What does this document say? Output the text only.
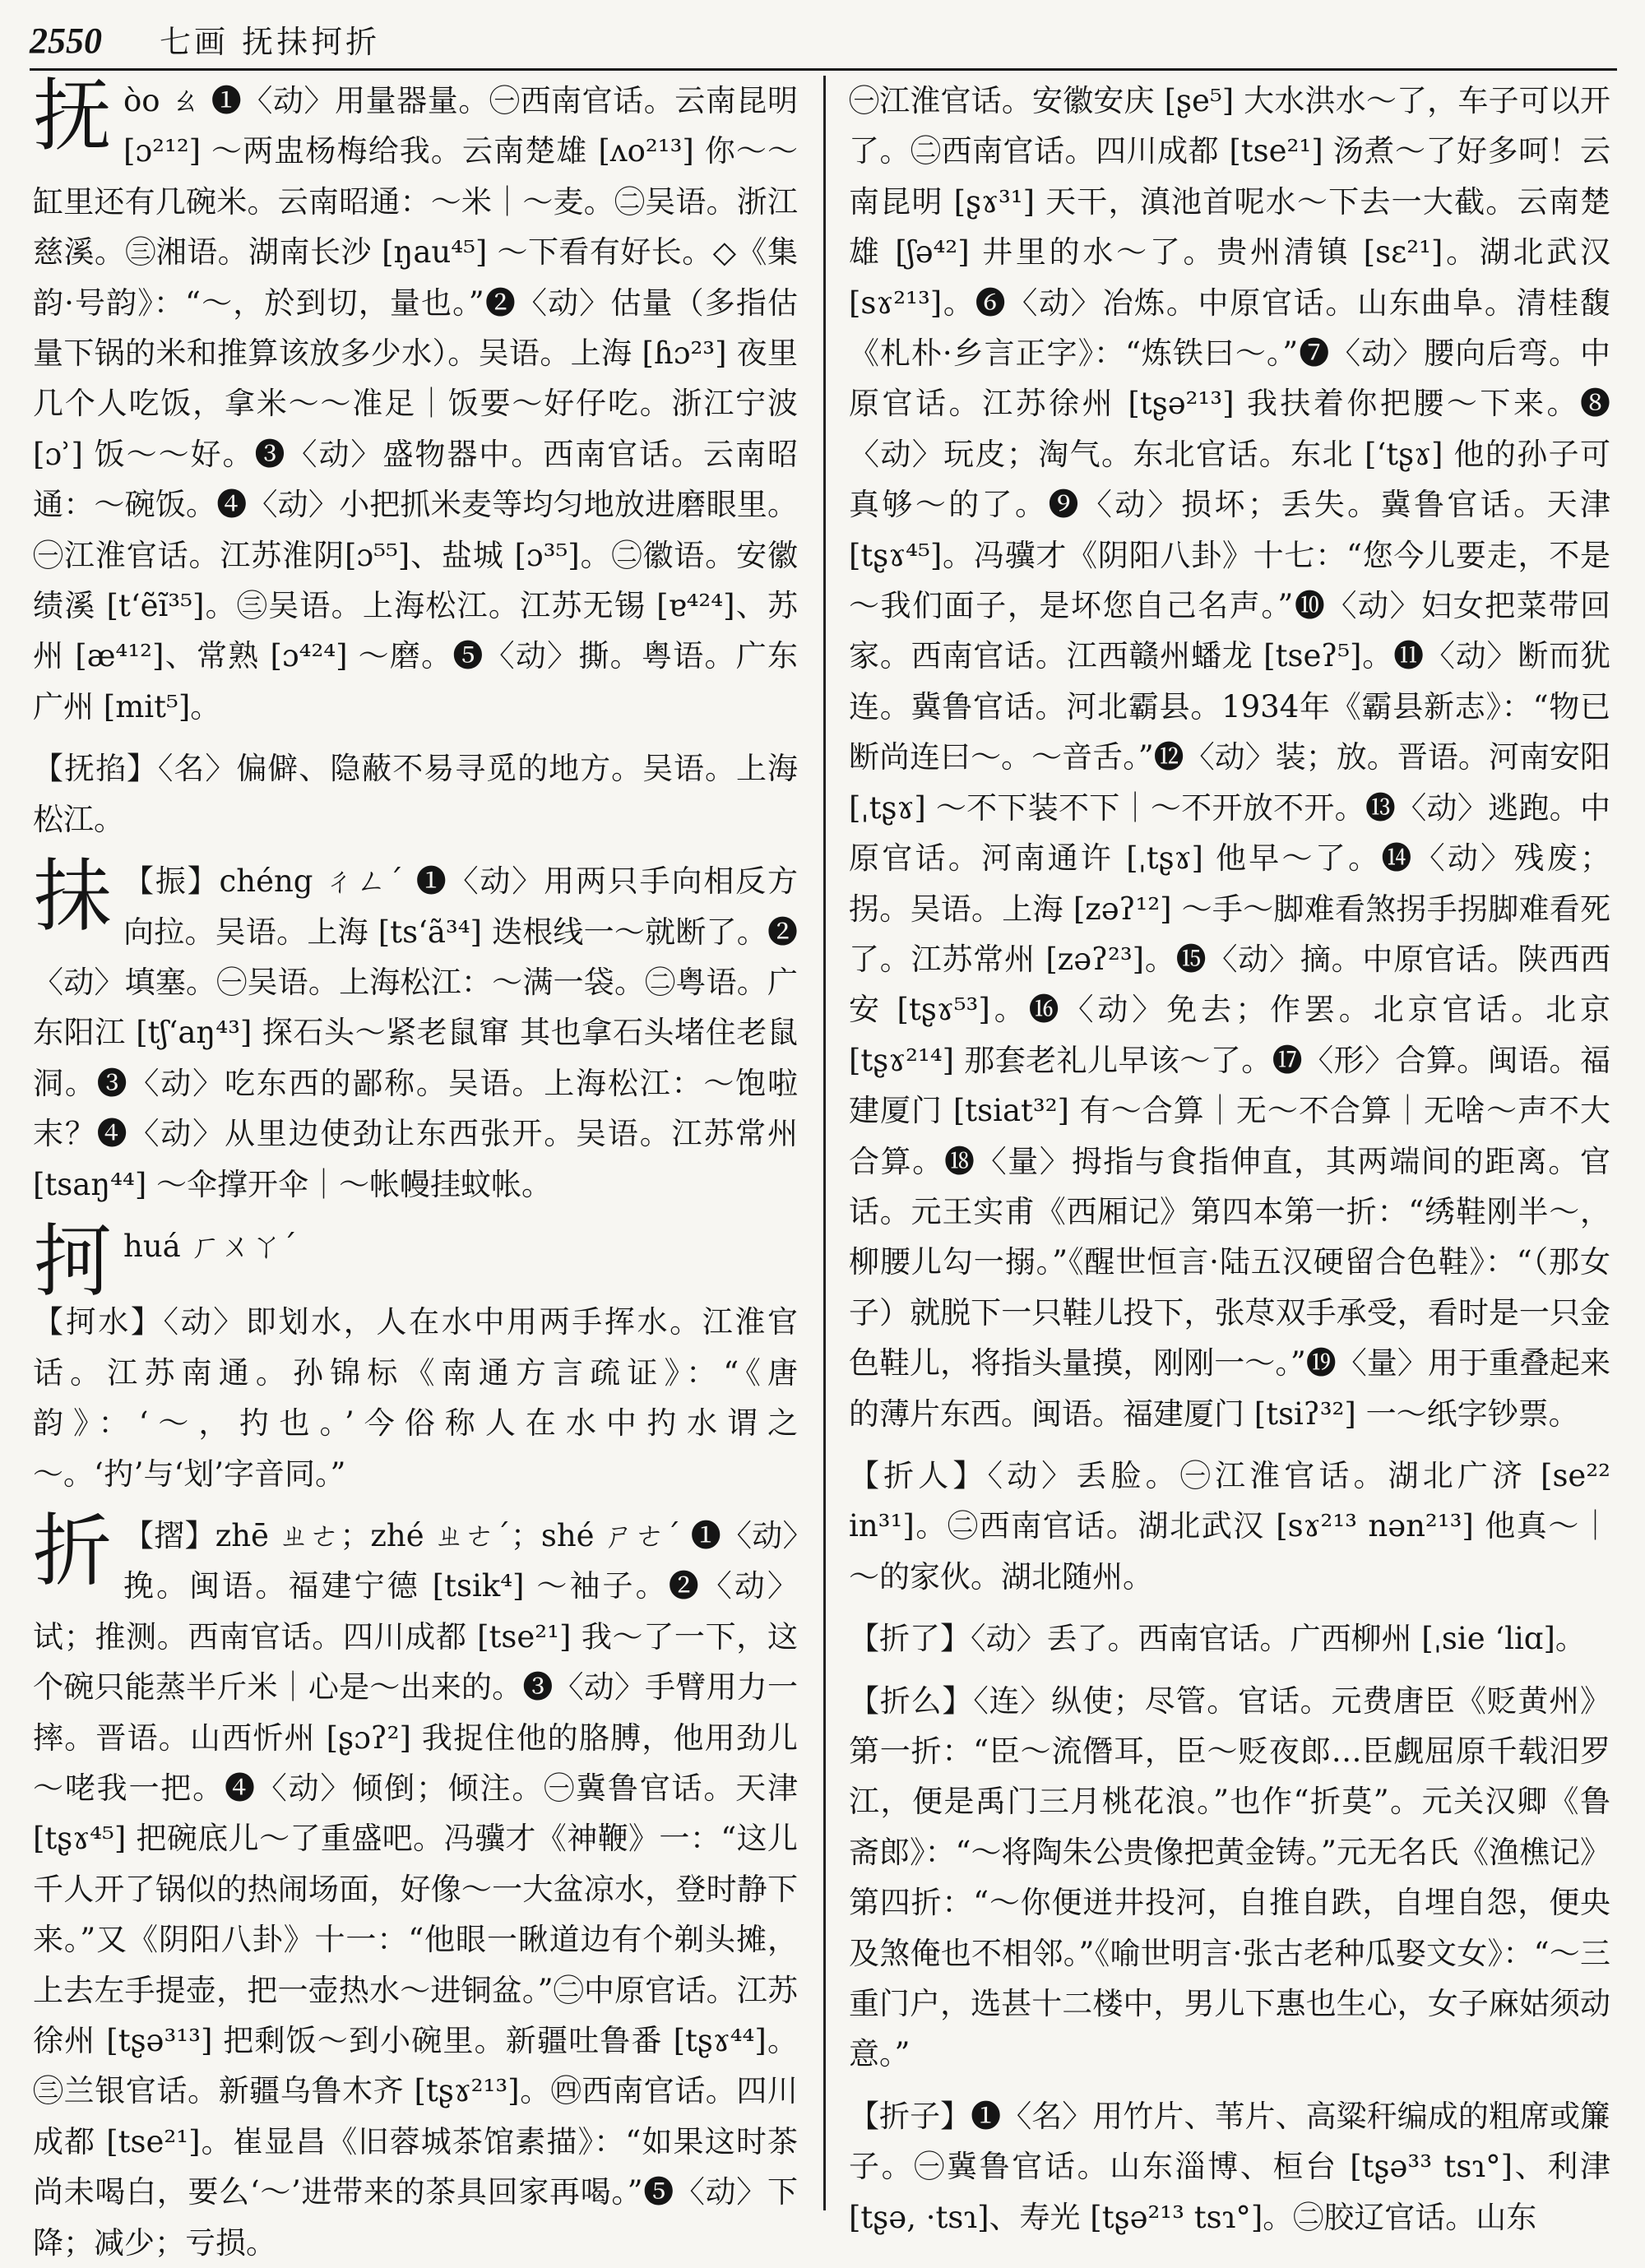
2550 七画 抚抺抲折

抚 òo ㄠ ❶〈动〉用量器量。㊀西南官话。云南昆明[ɔ²¹²] ～两盅杨梅给我。云南楚雄 [ʌo²¹³] 你～～缸里还有几碗米。云南昭通：～米｜～麦。㊁吴语。浙江慈溪。㊂湘语。湖南长沙 [ŋau⁴⁵] ～下看有好长。◇《集韵·号韵》：“～，於到切，量也。”❷〈动〉估量（多指估量下锅的米和推算该放多少水）。吴语。上海 [ɦɔ²³] 夜里几个人吃饭，拿米～～准足｜饭要～好仔吃。浙江宁波 [ɔʾ] 饭～～好。❸〈动〉盛物器中。西南官话。云南昭通：～碗饭。❹〈动〉小把抓米麦等均匀地放进磨眼里。㊀江淮官话。江苏淮阴[ɔ⁵⁵]、盐城 [ɔ³⁵]。㊁徽语。安徽绩溪 [tʻẽĩ³⁵]。㊂吴语。上海松江。江苏无锡 [ɐ⁴²⁴]、苏州 [æ⁴¹²]、常熟 [ɔ⁴²⁴] ～磨。❺〈动〉撕。粤语。广东广州 [mit⁵]。

【抚掐】〈名〉偏僻、隐蔽不易寻觅的地方。吴语。上海松江。

抺 【振】chéng ㄔㄥˊ ❶〈动〉用两只手向相反方向拉。吴语。上海 [tsʻã³⁴] 迭根线一～就断了。❷〈动〉填塞。㊀吴语。上海松江：～满一袋。㊁粤语。广东阳江 [tʃʻaŋ⁴³] 探石头～紧老鼠窜 其也拿石头堵住老鼠洞。❸〈动〉吃东西的鄙称。吴语。上海松江：～饱啦末？❹〈动〉从里边使劲让东西张开。吴语。江苏常州 [tsaŋ⁴⁴] ～伞撑开伞｜～帐幔挂蚊帐。

抲 huá ㄏㄨㄚˊ

【抲水】〈动〉即划水，人在水中用两手挥水。江淮官话。江苏南通。孙锦标《南通方言疏证》：“《唐韵》：‘～，扚也。’今俗称人在水中扚水谓之～。‘扚’与‘划’字音同。”

折 【摺】zhē ㄓㄜ；zhé ㄓㄜˊ；shé ㄕㄜˊ ❶〈动〉挽。闽语。福建宁德 [tsik⁴] ～袖子。❷〈动〉试；推测。西南官话。四川成都 [tse²¹] 我～了一下，这个碗只能蒸半斤米｜心是～出来的。❸〈动〉手臂用力一摔。晋语。山西忻州 [ʂɔʔ²] 我捉住他的胳膊，他用劲儿～咾我一把。❹〈动〉倾倒；倾注。㊀冀鲁官话。天津 [tʂɤ⁴⁵] 把碗底儿～了重盛吧。冯骥才《神鞭》一：“这儿千人开了锅似的热闹场面，好像～一大盆凉水，登时静下来。”又《阴阳八卦》十一：“他眼一瞅道边有个剃头摊，上去左手提壶，把一壶热水～进铜盆。”㊁中原官话。江苏徐州 [tʂə³¹³] 把剩饭～到小碗里。新疆吐鲁番 [tʂɤ⁴⁴]。㊂兰银官话。新疆乌鲁木齐 [tʂɤ²¹³]。㊃西南官话。四川成都 [tse²¹]。崔显昌《旧蓉城茶馆素描》：“如果这时茶尚未喝白，要么‘～’进带来的茶具回家再喝。”❺〈动〉下降；减少；亏损。

㊀江淮官话。安徽安庆 [ʂe⁵] 大水洪水～了，车子可以开了。㊁西南官话。四川成都 [tse²¹] 汤煮～了好多呵！云南昆明 [ʂɤ³¹] 天干，滇池首呢水～下去一大截。云南楚雄 [ʃə⁴²] 井里的水～了。贵州清镇 [sɛ²¹]。湖北武汉 [sɤ²¹³]。❻〈动〉冶炼。中原官话。山东曲阜。清桂馥《札朴·乡言正字》：“炼铁曰～。”❼〈动〉腰向后弯。中原官话。江苏徐州 [tʂə²¹³] 我扶着你把腰～下来。❽〈动〉玩皮；淘气。东北官话。东北 [ʻtʂɤ] 他的孙子可真够～的了。❾〈动〉损坏；丢失。冀鲁官话。天津 [tʂɤ⁴⁵]。冯骥才《阴阳八卦》十七：“您今儿要走，不是～我们面子，是坏您自己名声。”❿〈动〉妇女把菜带回家。西南官话。江西赣州蟠龙 [tseʔ⁵]。⓫〈动〉断而犹连。冀鲁官话。河北霸县。1934年《霸县新志》：“物已断尚连曰～。～音舌。”⓬〈动〉装；放。晋语。河南安阳 [ˌtʂɤ] ～不下装不下｜～不开放不开。⓭〈动〉逃跑。中原官话。河南通许 [ˌtʂɤ] 他早～了。⓮〈动〉残废；拐。吴语。上海 [zəʔ¹²] ～手～脚难看煞拐手拐脚难看死了。江苏常州 [zəʔ²³]。⓯〈动〉摘。中原官话。陕西西安 [tʂɤ⁵³]。⓰〈动〉免去；作罢。北京官话。北京 [tʂɤ²¹⁴] 那套老礼儿早该～了。⓱〈形〉合算。闽语。福建厦门 [tsiat³²] 有～合算｜无～不合算｜无啥～声不大合算。⓲〈量〉拇指与食指伸直，其两端间的距离。官话。元王实甫《西厢记》第四本第一折：“绣鞋刚半～，柳腰儿勾一搦。”《醒世恒言·陆五汉硬留合色鞋》：“（那女子）就脱下一只鞋儿投下，张荩双手承受，看时是一只金色鞋儿，将指头量摸，刚刚一～。”⓳〈量〉用于重叠起来的薄片东西。闽语。福建厦门 [tsiʔ³²] 一～纸字钞票。

【折人】〈动〉丢脸。㊀江淮官话。湖北广济 [se²² in³¹]。㊁西南官话。湖北武汉 [sɤ²¹³ nən²¹³] 他真～｜～的家伙。湖北随州。

【折了】〈动〉丢了。西南官话。广西柳州 [ˌsie ʻliɑ]。

【折么】〈连〉纵使；尽管。官话。元费唐臣《贬黄州》第一折：“臣～流僭耳，臣～贬夜郎…臣觑屈原千载汨罗江，便是禹门三月桃花浪。”也作“折莫”。元关汉卿《鲁斋郎》：“～将陶朱公贵像把黄金铸。”元无名氏《渔樵记》第四折：“～你便迸井投河，自推自跌，自埋自怨，便央及煞俺也不相邻。”《喻世明言·张古老种瓜娶文女》：“～三重门户，选甚十二楼中，男儿下惠也生心，女子麻姑须动意。”

【折子】❶〈名〉用竹片、苇片、高粱秆编成的粗席或簾子。㊀冀鲁官话。山东淄博、桓台 [tʂə³³ tsɿ°]、利津 [tʂə, ·tsɿ]、寿光 [tʂə²¹³ tsɿ°]。㊁胶辽官话。山东
